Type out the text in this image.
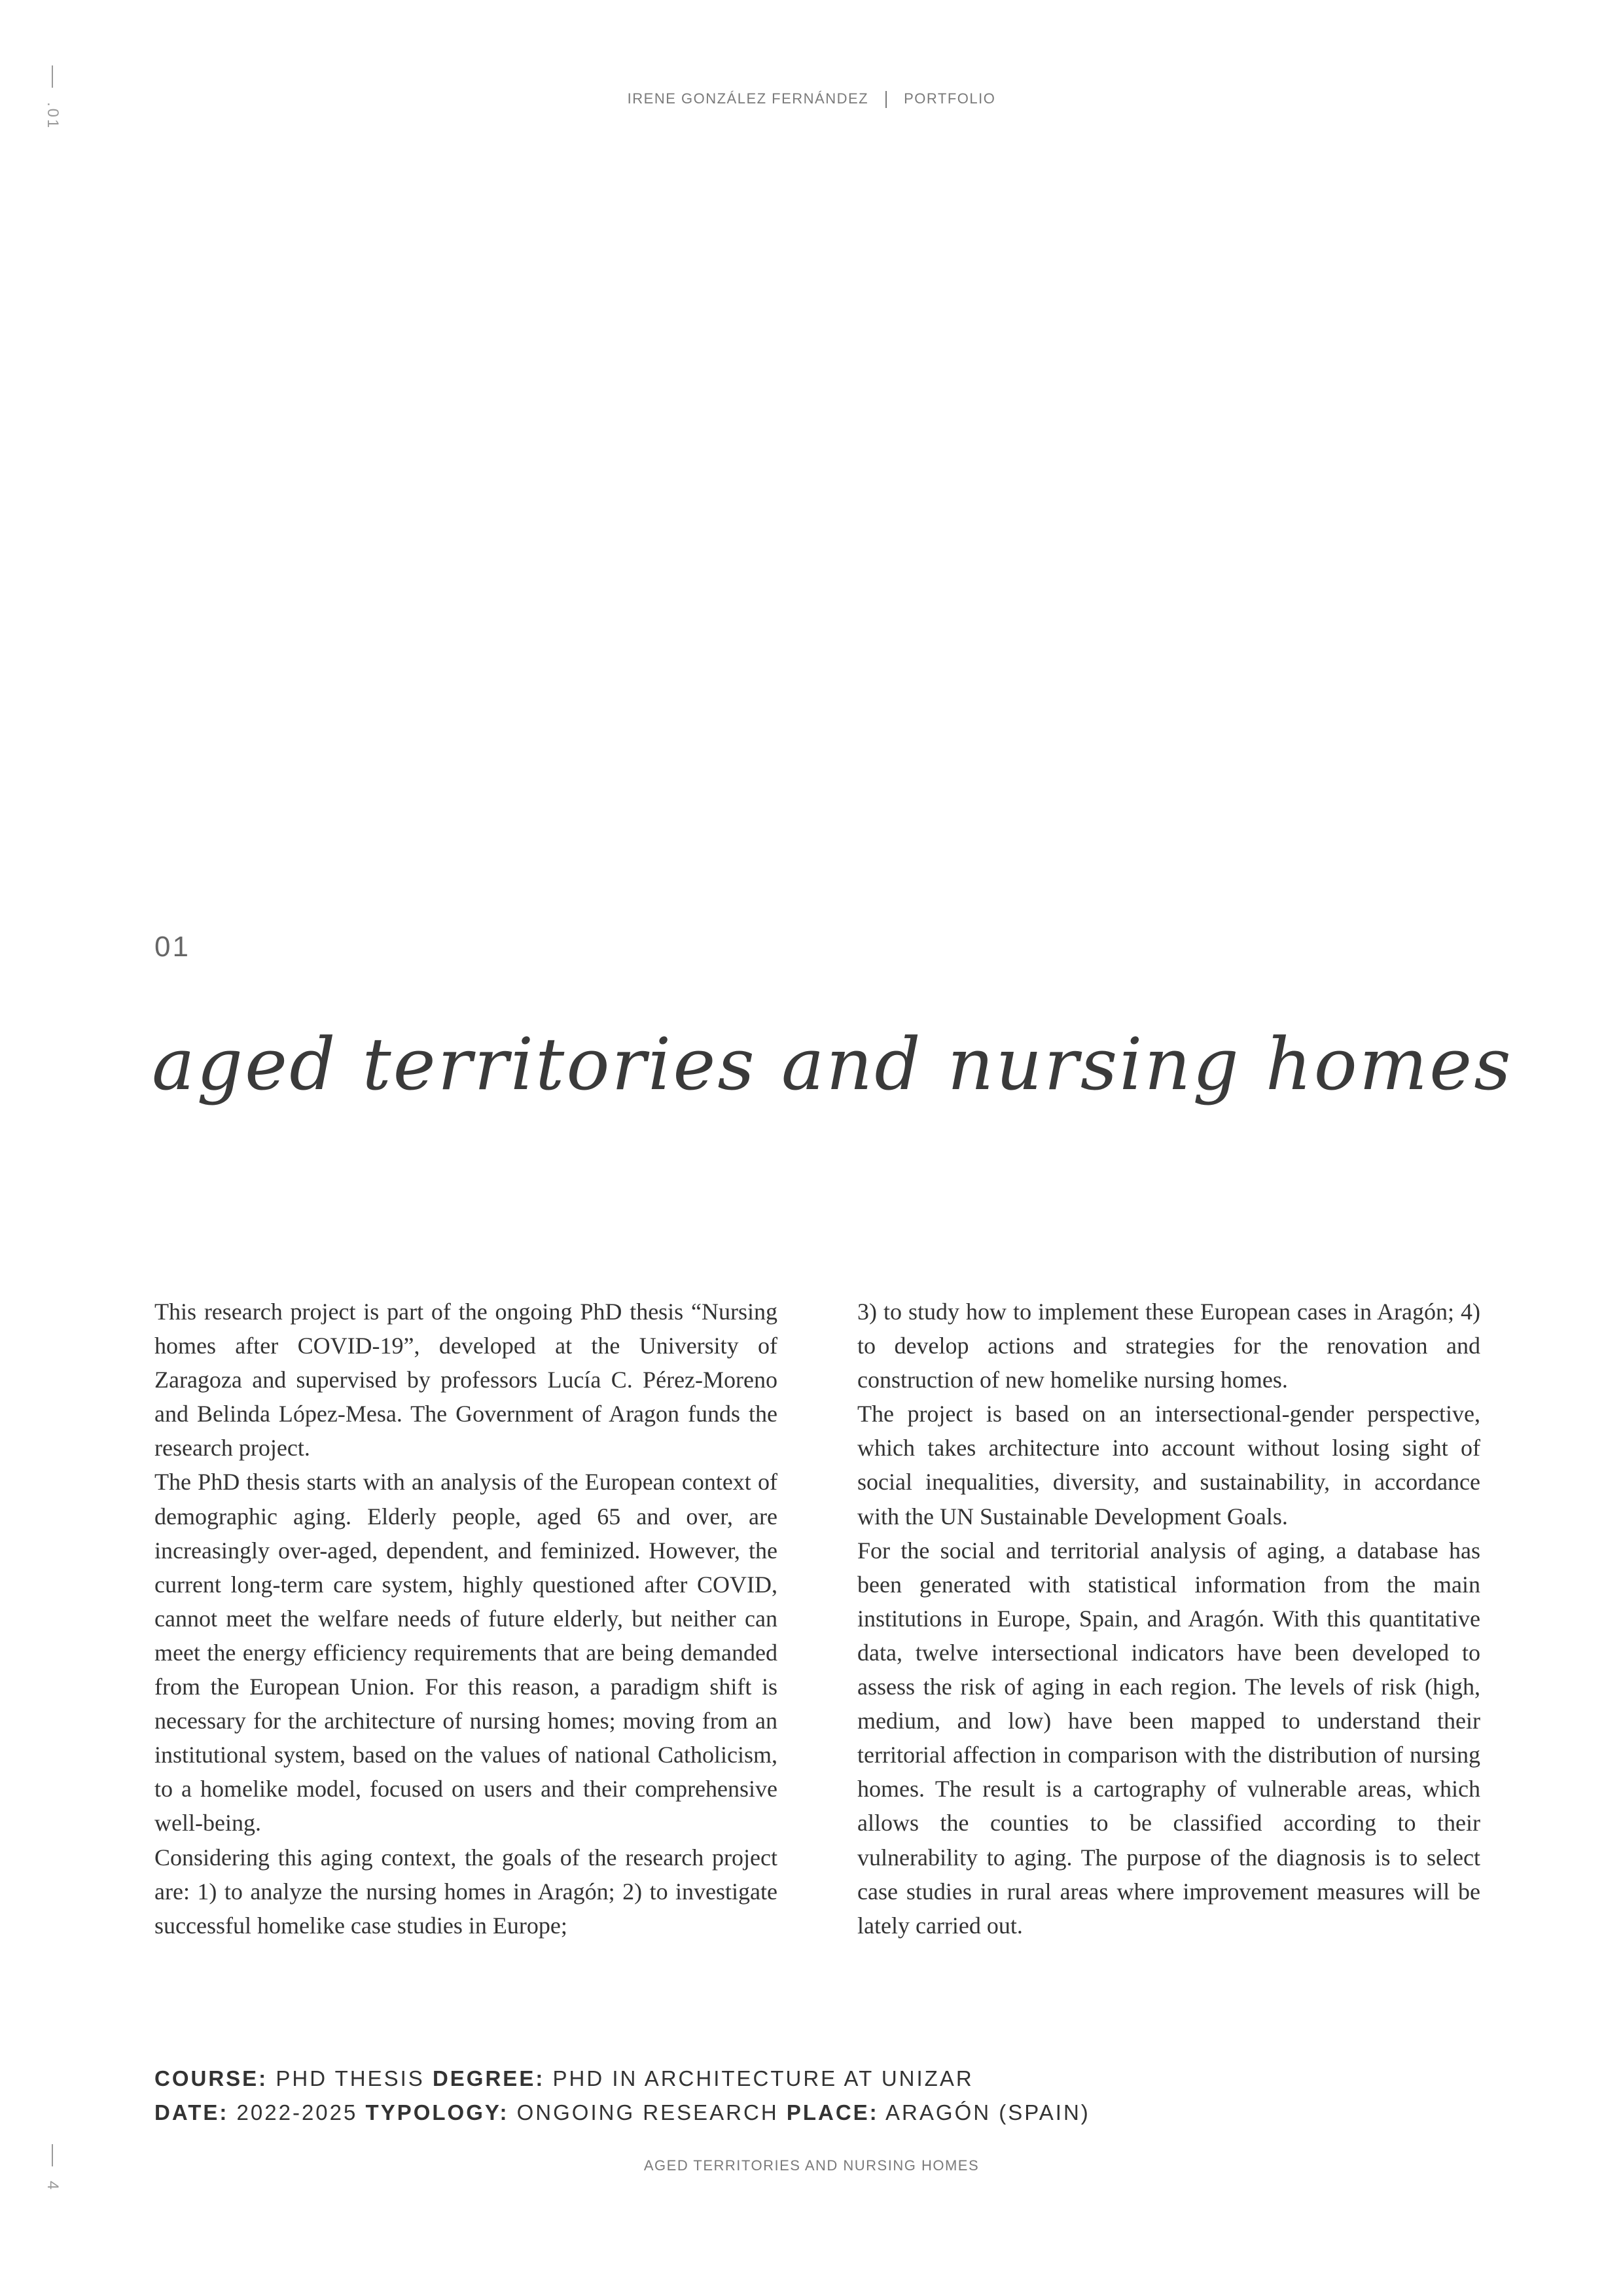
.01
IRENE GONZÁLEZ FERNÁNDEZ PORTFOLIO
01
aged territories and nursing homes

This research project is part of the ongoing PhD thesis “Nursing homes after COVID-19”, developed at the University of Zaragoza and supervised by professors Lucía C. Pérez-Moreno and Belinda López-Mesa. The Government of Aragon funds the research project.

The PhD thesis starts with an analysis of the European context of demographic aging. Elderly people, aged 65 and over, are increasingly over-aged, dependent, and feminized. However, the current long-term care system, highly questioned after COVID, cannot meet the welfare needs of future elderly, but neither can meet the energy efficiency requirements that are being demanded from the European Union. For this reason, a paradigm shift is necessary for the architecture of nursing homes; moving from an institutional system, based on the values of national Catholicism, to a homelike model, focused on users and their comprehensive well-being.

Considering this aging context, the goals of the research project are: 1) to analyze the nursing homes in Aragón; 2) to investigate successful homelike case studies in Europe;

3) to study how to implement these European cases in Aragón; 4) to develop actions and strategies for the renovation and construction of new homelike nursing homes.

The project is based on an intersectional-gender perspective, which takes architecture into account without losing sight of social inequalities, diversity, and sustainability, in accordance with the UN Sustainable Development Goals.

For the social and territorial analysis of aging, a database has been generated with statistical information from the main institutions in Europe, Spain, and Aragón. With this quantitative data, twelve intersectional indicators have been developed to assess the risk of aging in each region. The levels of risk (high, medium, and low) have been mapped to understand their territorial affection in comparison with the distribution of nursing homes. The result is a cartography of vulnerable areas, which allows the counties to be classified according to their vulnerability to aging. The purpose of the diagnosis is to select case studies in rural areas where improvement measures will be lately carried out.

COURSE: PHD THESIS DEGREE: PHD IN ARCHITECTURE AT UNIZAR
DATE: 2022-2025 TYPOLOGY: ONGOING RESEARCH PLACE: ARAGÓN (SPAIN)
4
AGED TERRITORIES AND NURSING HOMES
